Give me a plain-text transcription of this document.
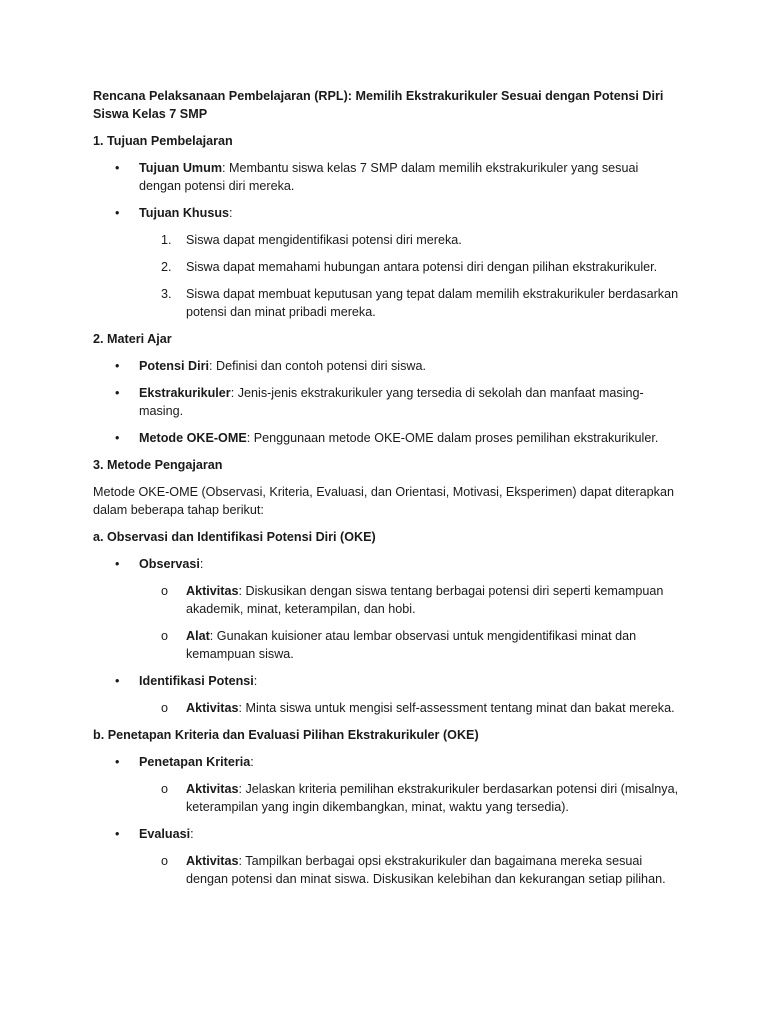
Rencana Pelaksanaan Pembelajaran (RPL): Memilih Ekstrakurikuler Sesuai dengan Potensi Diri Siswa Kelas 7 SMP

1. Tujuan Pembelajaran

• Tujuan Umum: Membantu siswa kelas 7 SMP dalam memilih ekstrakurikuler yang sesuai dengan potensi diri mereka.
• Tujuan Khusus:
1. Siswa dapat mengidentifikasi potensi diri mereka.
2. Siswa dapat memahami hubungan antara potensi diri dengan pilihan ekstrakurikuler.
3. Siswa dapat membuat keputusan yang tepat dalam memilih ekstrakurikuler berdasarkan potensi dan minat pribadi mereka.

2. Materi Ajar

• Potensi Diri: Definisi dan contoh potensi diri siswa.
• Ekstrakurikuler: Jenis-jenis ekstrakurikuler yang tersedia di sekolah dan manfaat masing-masing.
• Metode OKE-OME: Penggunaan metode OKE-OME dalam proses pemilihan ekstrakurikuler.

3. Metode Pengajaran

Metode OKE-OME (Observasi, Kriteria, Evaluasi, dan Orientasi, Motivasi, Eksperimen) dapat diterapkan dalam beberapa tahap berikut:

a. Observasi dan Identifikasi Potensi Diri (OKE)

• Observasi:
o Aktivitas: Diskusikan dengan siswa tentang berbagai potensi diri seperti kemampuan akademik, minat, keterampilan, dan hobi.
o Alat: Gunakan kuisioner atau lembar observasi untuk mengidentifikasi minat dan kemampuan siswa.
• Identifikasi Potensi:
o Aktivitas: Minta siswa untuk mengisi self-assessment tentang minat dan bakat mereka.

b. Penetapan Kriteria dan Evaluasi Pilihan Ekstrakurikuler (OKE)

• Penetapan Kriteria:
o Aktivitas: Jelaskan kriteria pemilihan ekstrakurikuler berdasarkan potensi diri (misalnya, keterampilan yang ingin dikembangkan, minat, waktu yang tersedia).
• Evaluasi:
o Aktivitas: Tampilkan berbagai opsi ekstrakurikuler dan bagaimana mereka sesuai dengan potensi dan minat siswa. Diskusikan kelebihan dan kekurangan setiap pilihan.
